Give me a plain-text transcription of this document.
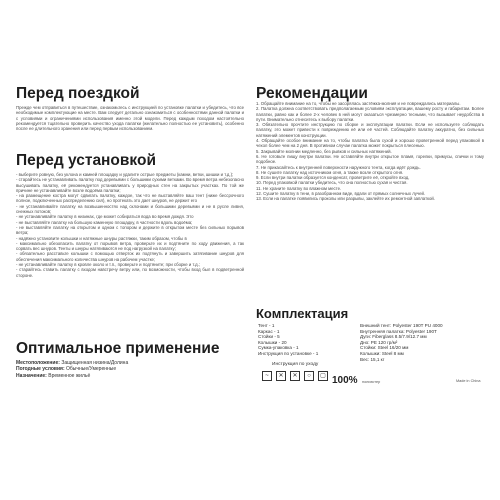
Перед поездкой

Прежде чем отправиться в путешествие, ознакомьтесь с инструкцией по установке палатки и убедитесь, что все необходимые комплектующие на месте. Вам следует детально ознакомиться с особенностями данной палатки и с условиями и ограничениями использования именно этой модели. Перед каждым походом настоятельно рекомендуется тщательно проверить качество ухода палатки (желательно полностью ее установить), особенно после ее длительного хранения или перед первым использованием.

Перед установкой

- выберите ровную, без уклона и камней площадку и удалите острые предметы (камни, ветки, шишки и т.д.);

- старайтесь не устанавливать палатку под деревьями с большими сухими ветками. Во время ветра небезопасно высушивать палатку, её рекомендуется устанавливать у природных стен на закрытых участках. По той же причине не устанавливайте возле водоёма палатки;

- на размещение костра могут сдвигать палатку, каждое, так что не выставляйте ваш тент (ниже бессрочного полное, подключенных распределению сил), но протекать это дает шнуров, не держит его

- не устанавливайте палатку на возвышенностях над склонами и большими деревьями и не в русле ливня, снежных потоков;

- не устанавливайте палатку в низинах, где может собираться вода во время дождя. Это

- не выставляйте палатку на большую каменную площадку, в частности вдоль водоёма;

- не выставляйте палатку на открытом и одном с топором и держите в открытом месте без сильных порывов ветра;

- надёжно установите колышки и натяжные шнуры растяжки, таким образом, чтобы в

- максимально обезопасить палатку от порывов ветра, проверьте их и подтяните по ходу движения, а так сорвать вес шнуров. Тенты и шнуры натягиваются не под нагрузкой на палатку;

- обязательно расставьте колышки с помощью отверток их подтянуть и завершить затягивание шнуров для обеспечения максимального количества шнуров на рабочем участке;

- не устанавливайте палатку в кровле около и т.п., проверьте и подтяните; при сборке и т.д.;

- старайтесь ставить палатку с входом навстречу ветру или, по возможности, чтобы вход был в подветренной стороне.

Оптимальное применение
Местоположение: Защищенная низина/Долина
Погодные условия: Обычные/Умеренные
Назначение: Временное жильё
Рекомендации

1. Обращайте внимание на то, чтобы не засорялась застёжка-молния и не повреждались материалы.

2. Палатка должна соответствовать предполагаемым условиям эксплуатации, вашему росту и габаритам. Более палатки, равно как и более 2-х человек в ней могут оказаться чрезмерно тесными, что вызывает неудобства в пути. Внимательно отнеситесь к выбору палатки.

3. Обязательно прочтите инструкцию по сборке и эксплуатации палатки. Если не используете соблюдать палатку, это может привести к повреждению её или её частей. Соблюдайте палатку аккуратно, без сильных натяжений элементов конструкции.

4. Обращайте особое внимание на то, чтобы палатка была сухой и хорошо проветренной перед упаковкой в чехол более чем на 2 дня. В противном случае палатка может покрыться плесенью.

5. Закрывайте молнии медленно, без рывков и сильных натяжений.

6. Не готовьте пищу внутри палатки. Не оставляйте внутри открытое пламя, горелки, примусы, спички и тому подобное.

7. Не прикасайтесь к внутренней поверхности наружного тента, когда идёт дождь.

8. Не сушите палатку над источником огня, а также возле открытого огня.

9. Если внутри палатки образуется конденсат, проветрите её, откройте вход.

10. Перед упаковкой палатки убедитесь, что она полностью сухая и чистая.

11. Не храните палатку во влажном месте.

12. Сушите палатку в тени, в разобранном виде, вдали от прямых солнечных лучей.

13. Если на палатке появились проколы или разрывы, заклейте их ремонтной заплаткой.

Комплектация
Тент - 1
Каркас - 1
Стойки - 5
Колышки - 20
Сумка-упаковка - 1
Инструкция по установке - 1
Внешний тент: Polyester 190T PU 4000
Внутренняя палатка: Polyester 190T
Дуги: Fiberglass 8.5/7.9/12.7 мм
Дно: PE 120 гр/м²
Стойки: Steel 16/20 мм
Колышки: Steel 8 мм
Вес: 15,1 кг
Инструкция по уходу
~	✕	✕	○	▢ 100% полиэстер	Made in China
